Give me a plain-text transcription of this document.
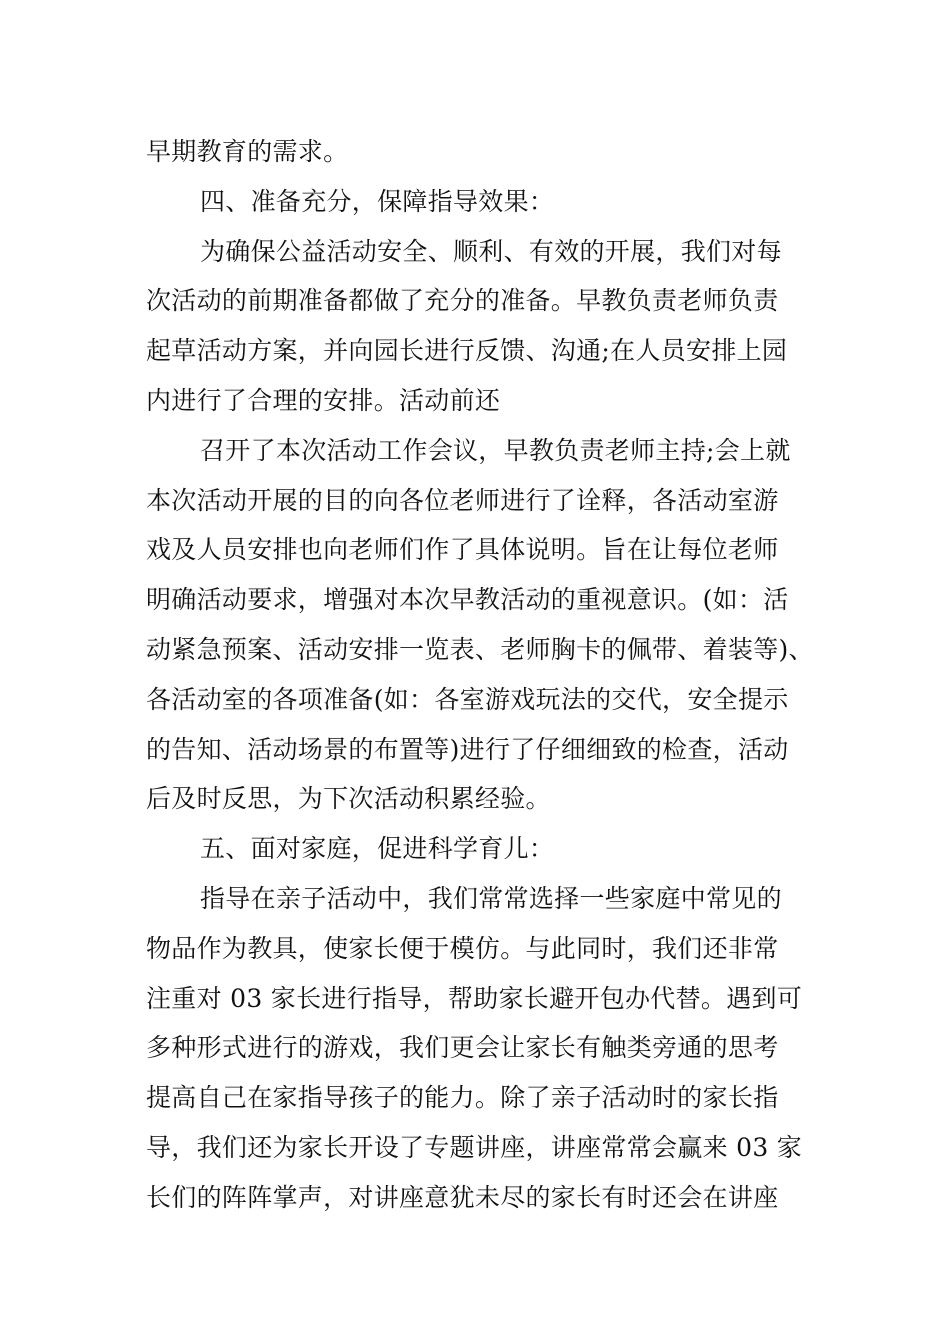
早期教育的需求。
四、准备充分，保障指导效果：
为确保公益活动安全、顺利、有效的开展，我们对每
次活动的前期准备都做了充分的准备。早教负责老师负责
起草活动方案，并向园长进行反馈、沟通;在人员安排上园
内进行了合理的安排。活动前还
召开了本次活动工作会议，早教负责老师主持;会上就
本次活动开展的目的向各位老师进行了诠释，各活动室游
戏及人员安排也向老师们作了具体说明。旨在让每位老师
明确活动要求，增强对本次早教活动的重视意识。(如：活
动紧急预案、活动安排一览表、老师胸卡的佩带、着装等)、
各活动室的各项准备(如：各室游戏玩法的交代，安全提示
的告知、活动场景的布置等)进行了仔细细致的检查，活动
后及时反思，为下次活动积累经验。
五、面对家庭，促进科学育儿：
指导在亲子活动中，我们常常选择一些家庭中常见的
物品作为教具，使家长便于模仿。与此同时，我们还非常
注重对 03 家长进行指导，帮助家长避开包办代替。遇到可
多种形式进行的游戏，我们更会让家长有触类旁通的思考
提高自己在家指导孩子的能力。除了亲子活动时的家长指
导，我们还为家长开设了专题讲座，讲座常常会赢来 03 家
长们的阵阵掌声，对讲座意犹未尽的家长有时还会在讲座
